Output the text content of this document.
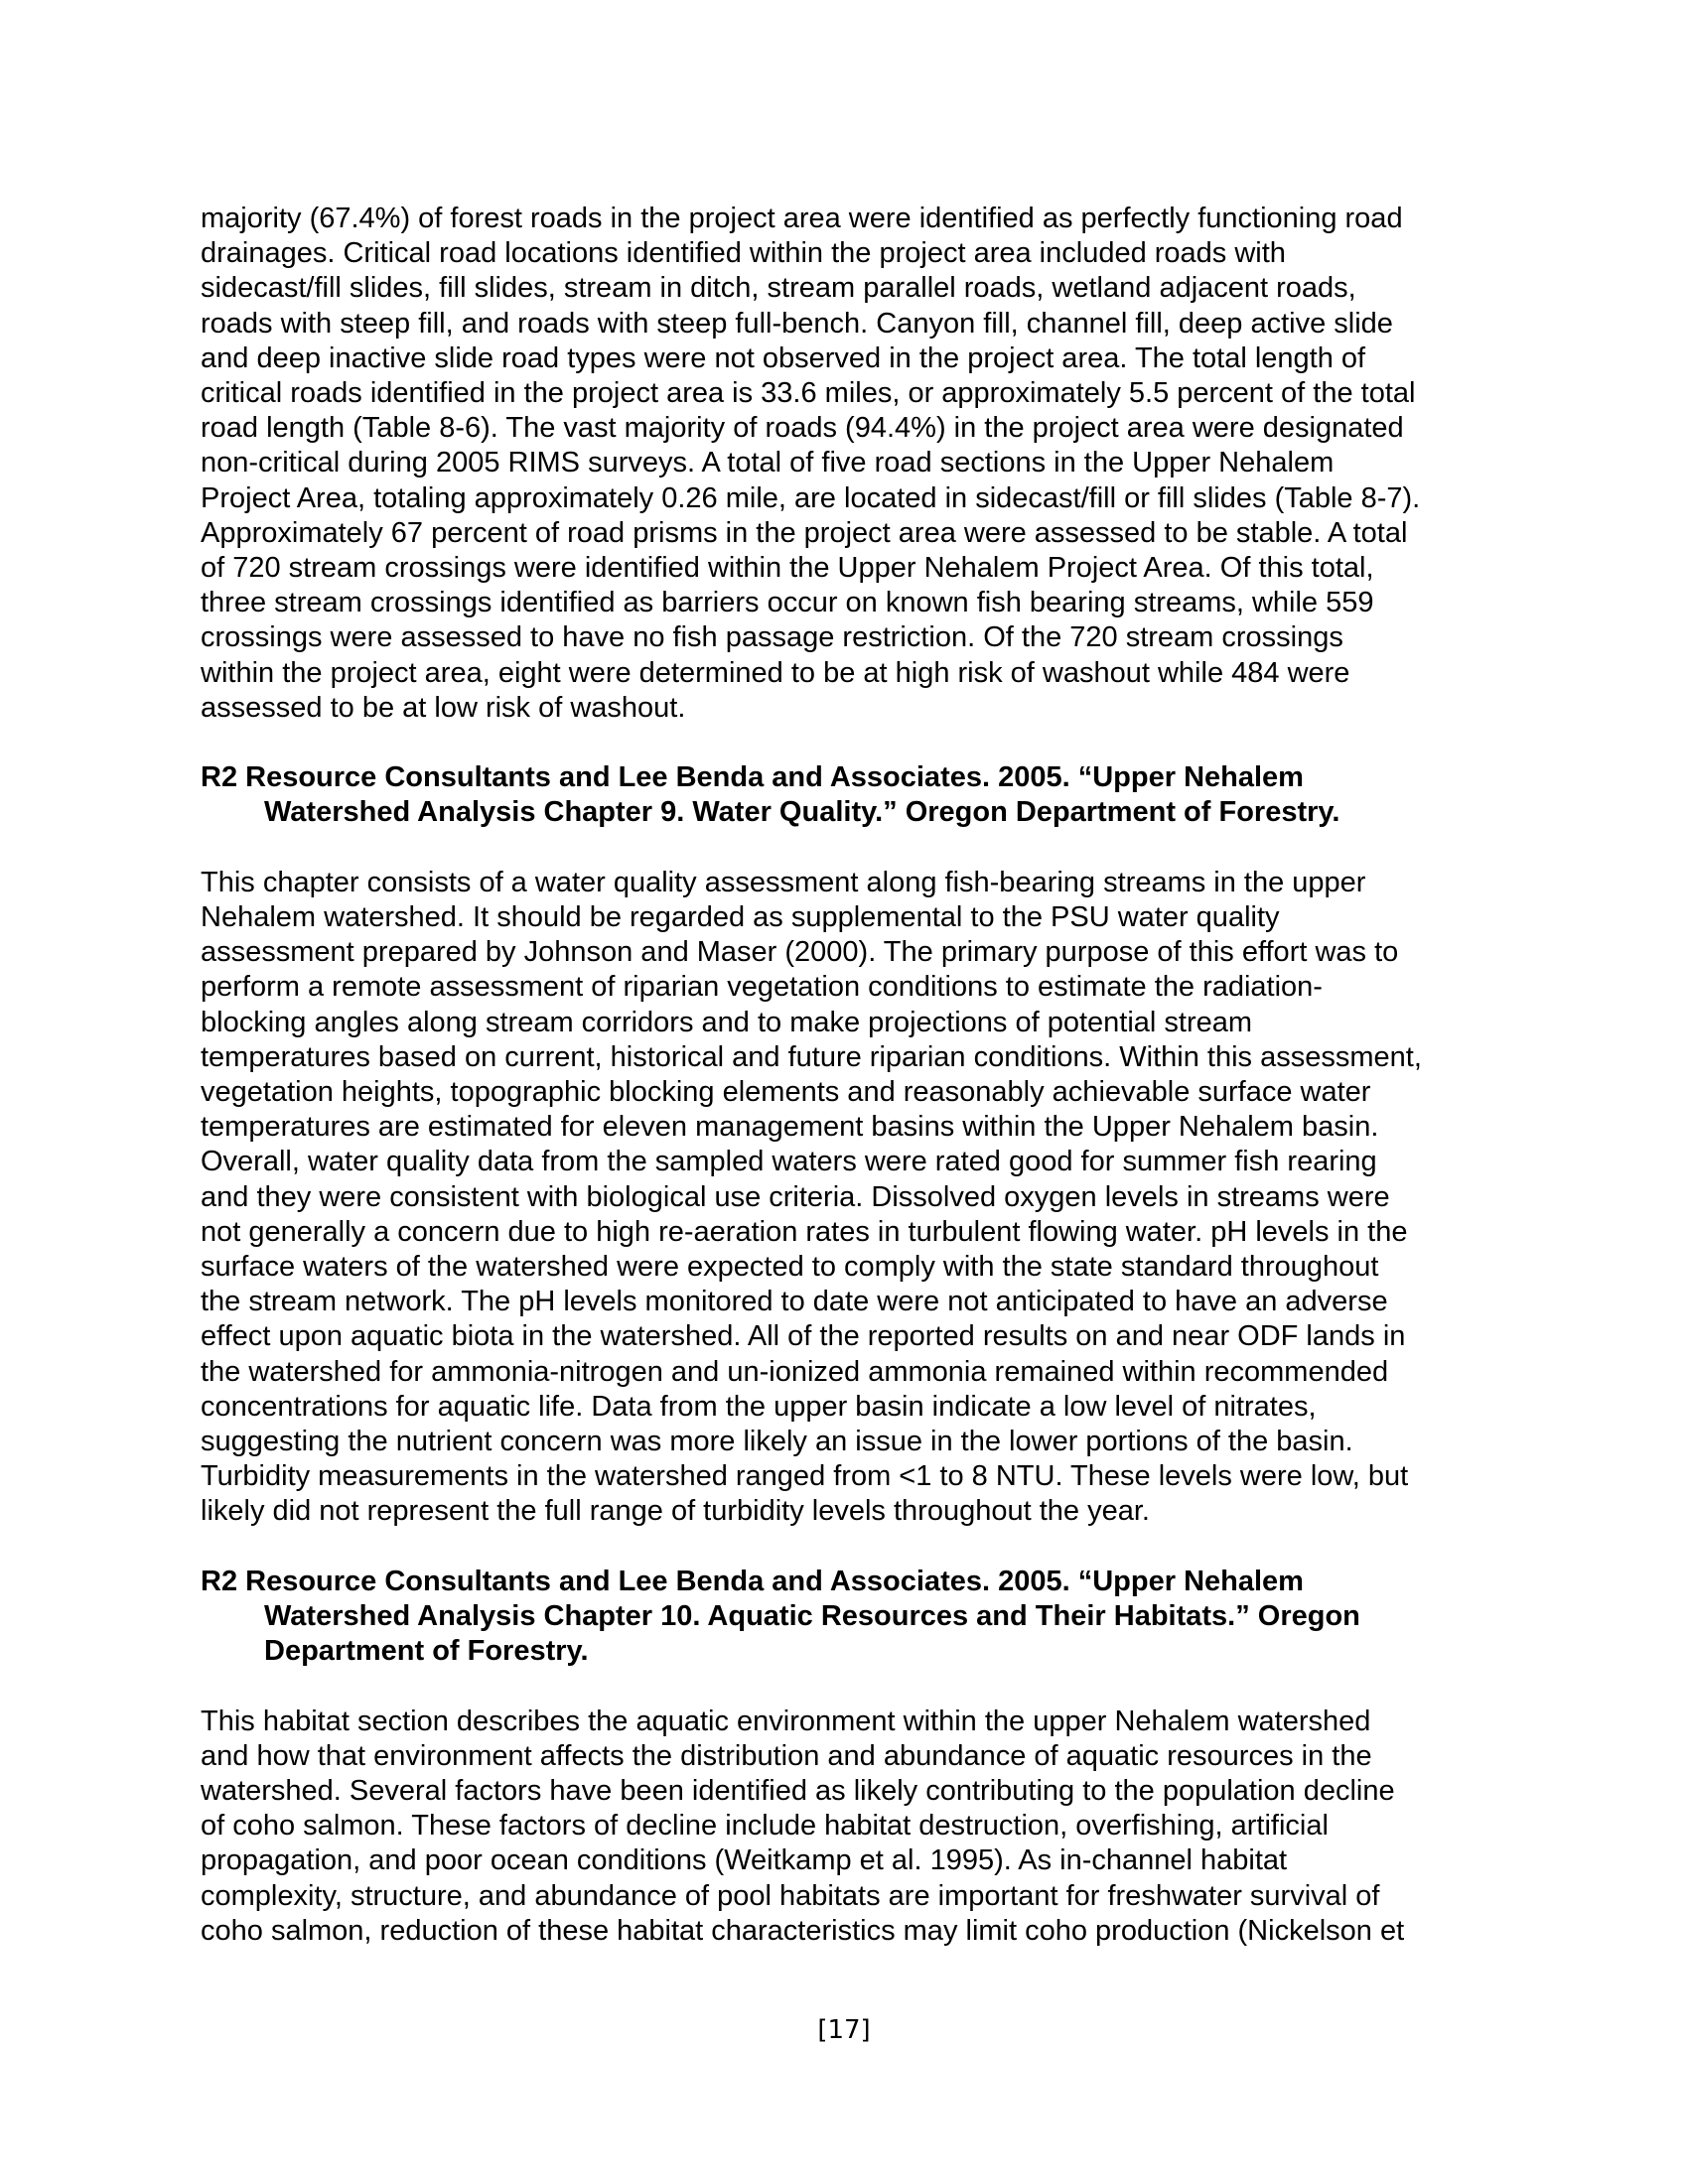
majority (67.4%) of forest roads in the project area were identified as perfectly functioning road
drainages. Critical road locations identified within the project area included roads with
sidecast/fill slides, fill slides, stream in ditch, stream parallel roads, wetland adjacent roads,
roads with steep fill, and roads with steep full-bench. Canyon fill, channel fill, deep active slide
and deep inactive slide road types were not observed in the project area. The total length of
critical roads identified in the project area is 33.6 miles, or approximately 5.5 percent of the total
road length (Table 8-6). The vast majority of roads (94.4%) in the project area were designated
non-critical during 2005 RIMS surveys. A total of five road sections in the Upper Nehalem
Project Area, totaling approximately 0.26 mile, are located in sidecast/fill or fill slides (Table 8-7).
Approximately 67 percent of road prisms in the project area were assessed to be stable. A total
of 720 stream crossings were identified within the Upper Nehalem Project Area. Of this total,
three stream crossings identified as barriers occur on known fish bearing streams, while 559
crossings were assessed to have no fish passage restriction. Of the 720 stream crossings
within the project area, eight were determined to be at high risk of washout while 484 were
assessed to be at low risk of washout.

R2 Resource Consultants and Lee Benda and Associates. 2005. “Upper Nehalem
Watershed Analysis Chapter 9. Water Quality.” Oregon Department of Forestry.

This chapter consists of a water quality assessment along fish-bearing streams in the upper
Nehalem watershed. It should be regarded as supplemental to the PSU water quality
assessment prepared by Johnson and Maser (2000). The primary purpose of this effort was to
perform a remote assessment of riparian vegetation conditions to estimate the radiation-
blocking angles along stream corridors and to make projections of potential stream
temperatures based on current, historical and future riparian conditions. Within this assessment,
vegetation heights, topographic blocking elements and reasonably achievable surface water
temperatures are estimated for eleven management basins within the Upper Nehalem basin.
Overall, water quality data from the sampled waters were rated good for summer fish rearing
and they were consistent with biological use criteria. Dissolved oxygen levels in streams were
not generally a concern due to high re-aeration rates in turbulent flowing water. pH levels in the
surface waters of the watershed were expected to comply with the state standard throughout
the stream network. The pH levels monitored to date were not anticipated to have an adverse
effect upon aquatic biota in the watershed. All of the reported results on and near ODF lands in
the watershed for ammonia-nitrogen and un-ionized ammonia remained within recommended
concentrations for aquatic life. Data from the upper basin indicate a low level of nitrates,
suggesting the nutrient concern was more likely an issue in the lower portions of the basin.
Turbidity measurements in the watershed ranged from <1 to 8 NTU. These levels were low, but
likely did not represent the full range of turbidity levels throughout the year.

R2 Resource Consultants and Lee Benda and Associates. 2005. “Upper Nehalem
Watershed Analysis Chapter 10. Aquatic Resources and Their Habitats.” Oregon
Department of Forestry.

This habitat section describes the aquatic environment within the upper Nehalem watershed
and how that environment affects the distribution and abundance of aquatic resources in the
watershed. Several factors have been identified as likely contributing to the population decline
of coho salmon. These factors of decline include habitat destruction, overfishing, artificial
propagation, and poor ocean conditions (Weitkamp et al. 1995). As in-channel habitat
complexity, structure, and abundance of pool habitats are important for freshwater survival of
coho salmon, reduction of these habitat characteristics may limit coho production (Nickelson et

[17]
